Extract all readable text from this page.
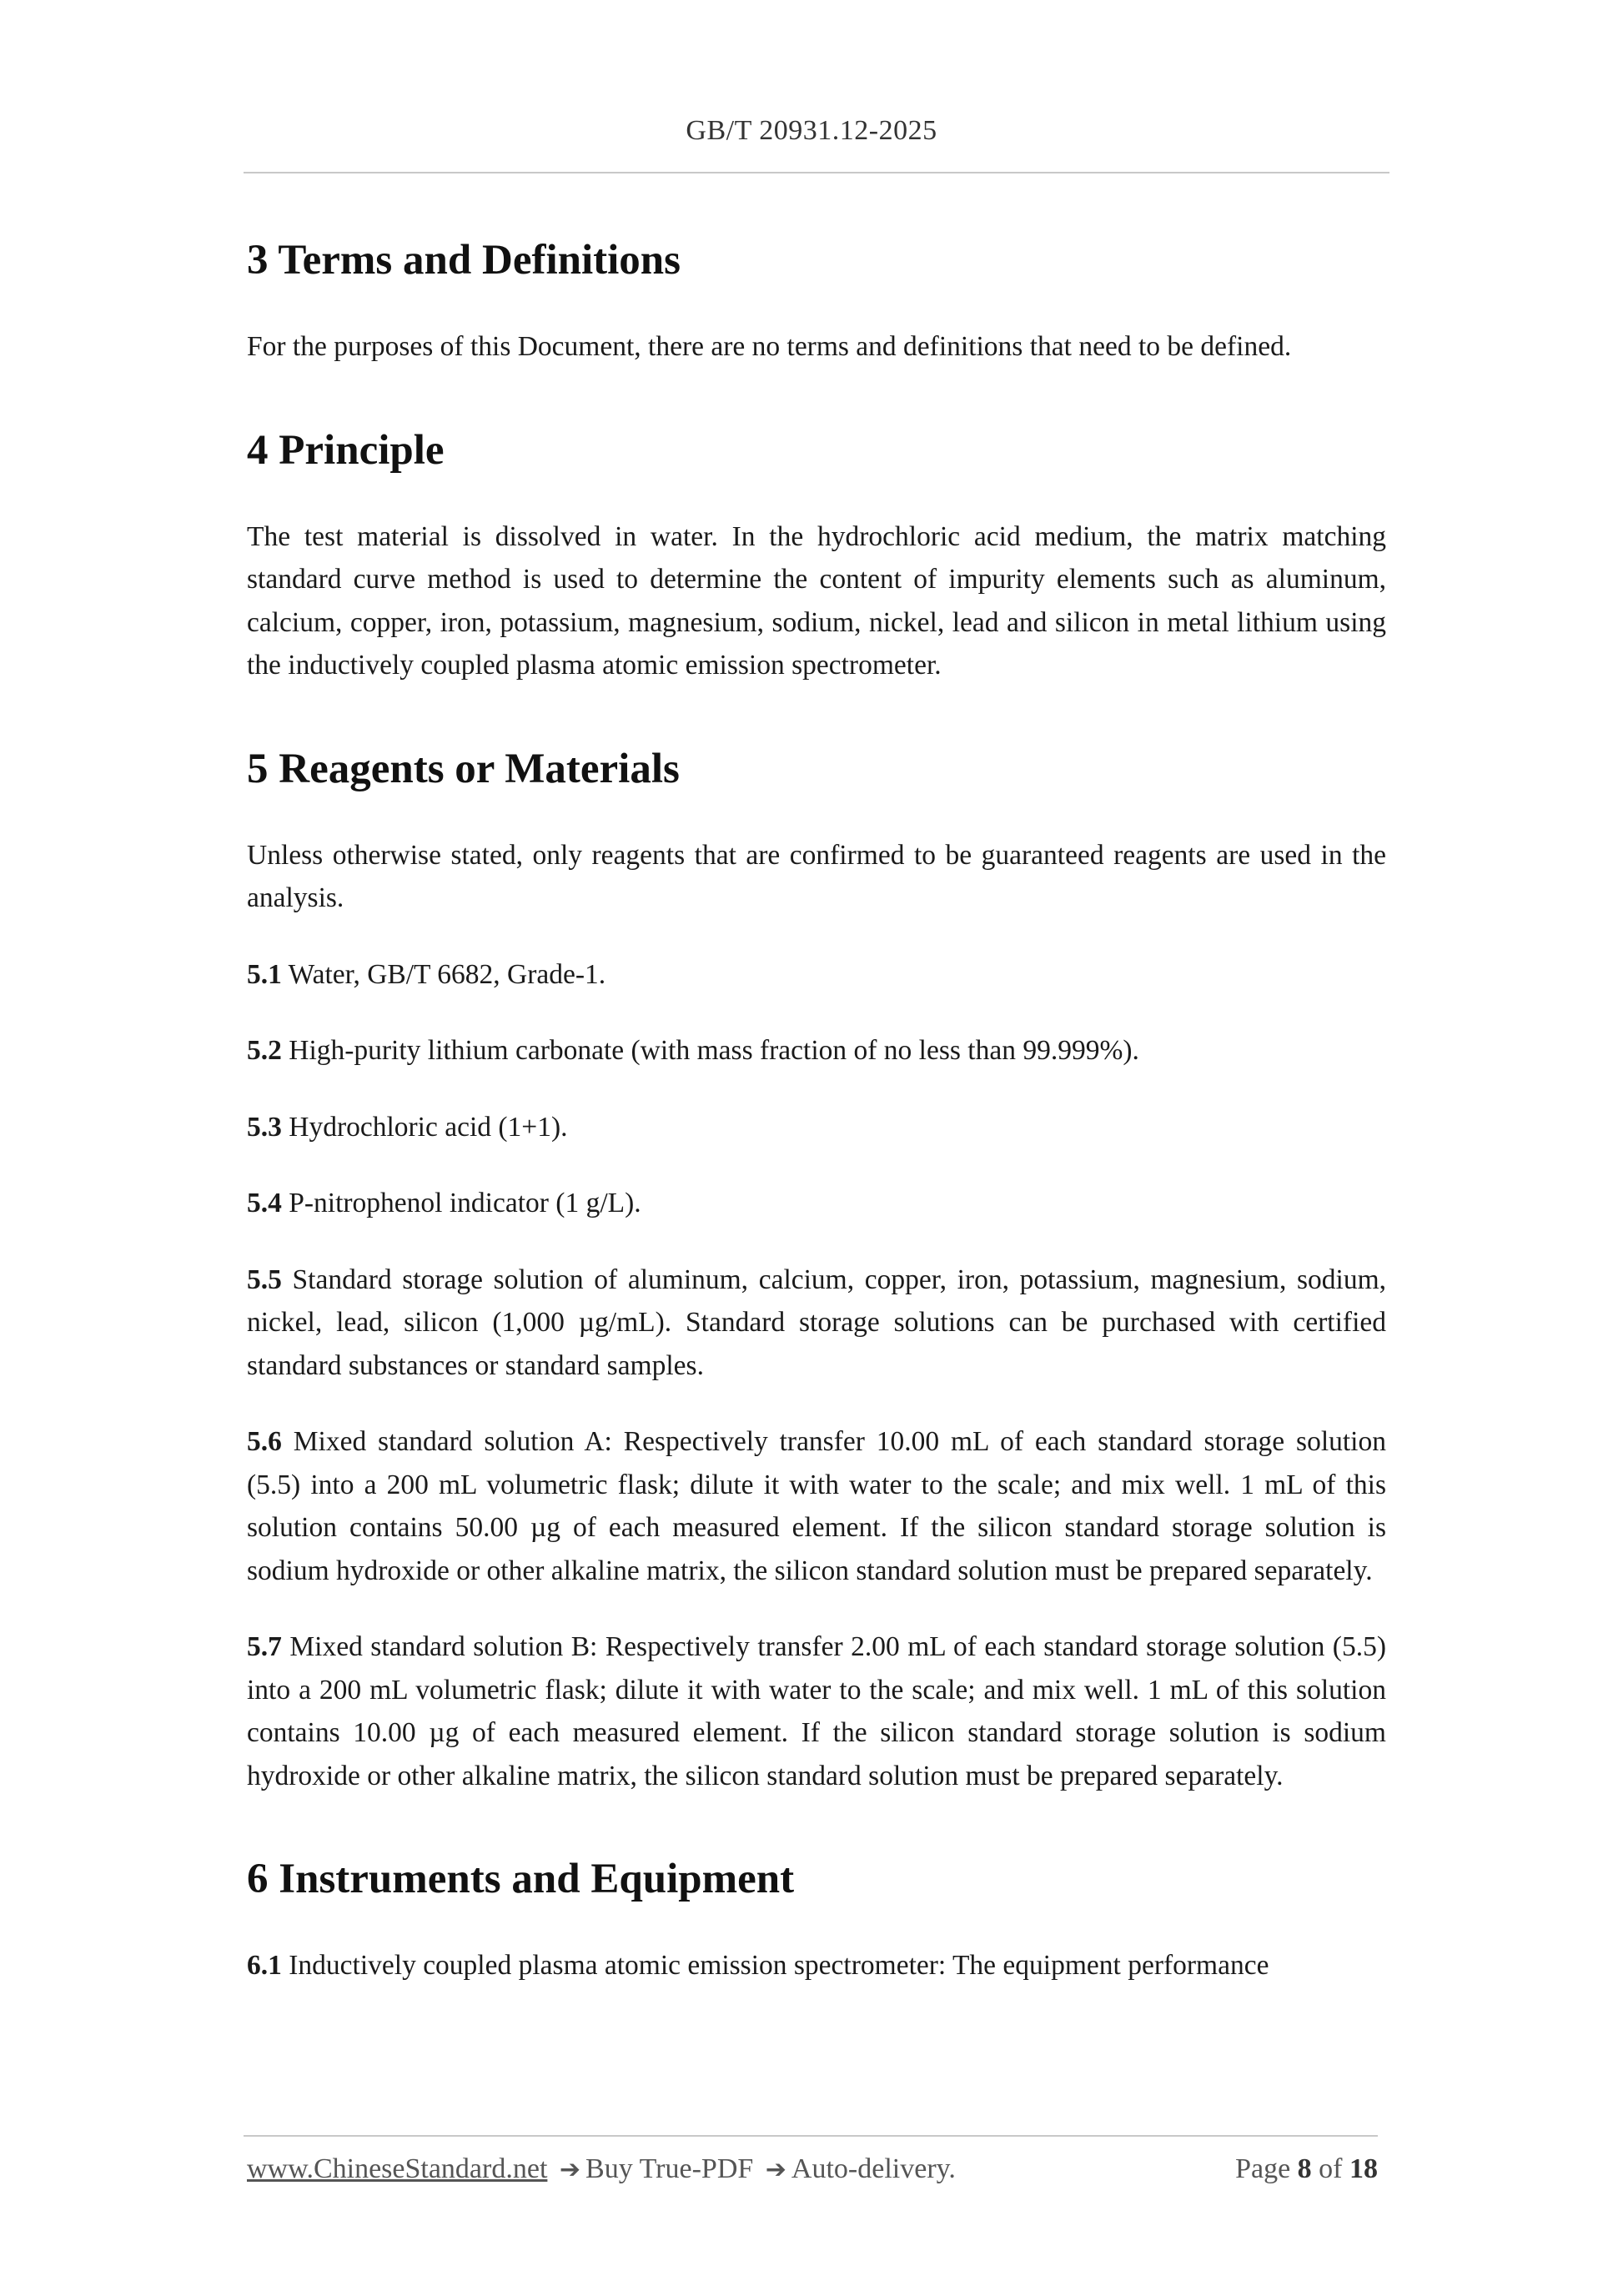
GB/T 20931.12-2025
3 Terms and Definitions

For the purposes of this Document, there are no terms and definitions that need to be defined.

4 Principle

The test material is dissolved in water. In the hydrochloric acid medium, the matrix matching standard curve method is used to determine the content of impurity elements such as aluminum, calcium, copper, iron, potassium, magnesium, sodium, nickel, lead and silicon in metal lithium using the inductively coupled plasma atomic emission spectrometer.

5 Reagents or Materials

Unless otherwise stated, only reagents that are confirmed to be guaranteed reagents are used in the analysis.

5.1 Water, GB/T 6682, Grade-1.

5.2 High-purity lithium carbonate (with mass fraction of no less than 99.999%).

5.3 Hydrochloric acid (1+1).

5.4 P-nitrophenol indicator (1 g/L).

5.5 Standard storage solution of aluminum, calcium, copper, iron, potassium, magnesium, sodium, nickel, lead, silicon (1,000 µg/mL). Standard storage solutions can be purchased with certified standard substances or standard samples.

5.6 Mixed standard solution A: Respectively transfer 10.00 mL of each standard storage solution (5.5) into a 200 mL volumetric flask; dilute it with water to the scale; and mix well. 1 mL of this solution contains 50.00 µg of each measured element. If the silicon standard storage solution is sodium hydroxide or other alkaline matrix, the silicon standard solution must be prepared separately.

5.7 Mixed standard solution B: Respectively transfer 2.00 mL of each standard storage solution (5.5) into a 200 mL volumetric flask; dilute it with water to the scale; and mix well. 1 mL of this solution contains 10.00 µg of each measured element. If the silicon standard storage solution is sodium hydroxide or other alkaline matrix, the silicon standard solution must be prepared separately.

6 Instruments and Equipment

6.1 Inductively coupled plasma atomic emission spectrometer: The equipment performance

www.ChineseStandard.net ➔ Buy True-PDF ➔ Auto-delivery.	Page 8 of 18
